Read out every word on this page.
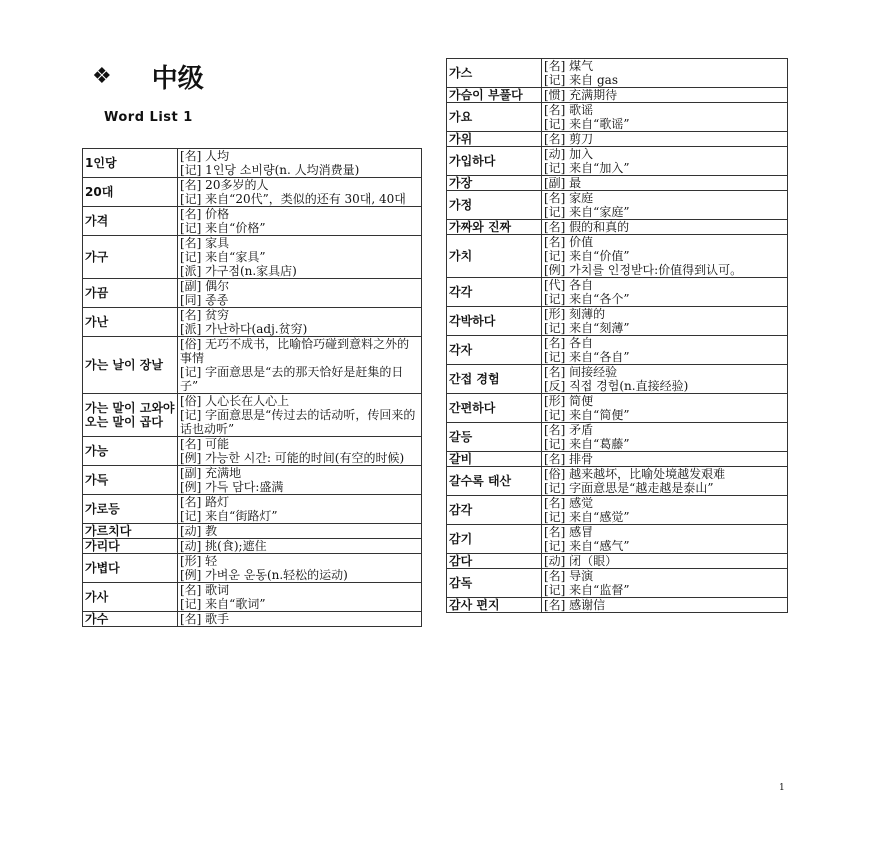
❖ 中级
Word List 1
1인당	[名] 人均
[记] 1인당 소비량(n. 人均消费量)

20대	[名] 20多岁的人
[记] 来自“20代”，类似的还有 30대, 40대

가격	[名] 价格
[记] 来自“价格”

가구	[名] 家具
[记] 来自“家具”
[派] 가구점(n.家具店)

가끔	[副] 偶尔
[同] 종종

가난	[名] 贫穷
[派] 가난하다(adj.贫穷)

가는 날이 장날	[俗] 无巧不成书，比喻恰巧碰到意料之外的事情
[记] 字面意思是“去的那天恰好是赶集的日子”

가는 말이 고와야 오는 말이 곱다	[俗] 人心长在人心上
[记] 字面意思是“传过去的话动听，传回来的话也动听”

가능	[名] 可能
[例] 가능한 시간: 可能的时间(有空的时候)

가득	[副] 充满地
[例] 가득 담다:盛满

가로등	[名] 路灯
[记] 来自“街路灯”

가르치다	[动] 教

가리다	[动] 挑(食);遮住

가볍다	[形] 轻
[例] 가벼운 운동(n.轻松的运动)

가사	[名] 歌词
[记] 来自“歌词”

가수	[名] 歌手
가스	[名] 煤气
[记] 来自 gas

가슴이 부풀다	[惯] 充满期待

가요	[名] 歌谣
[记] 来自“歌谣”

가위	[名] 剪刀

가입하다	[动] 加入
[记] 来自“加入”

가장	[副] 最

가정	[名] 家庭
[记] 来自“家庭”

가짜와 진짜	[名] 假的和真的

가치	[名] 价值
[记] 来自“价值”
[例] 가치를 인정받다:价值得到认可。

각각	[代] 各自
[记] 来自“各个”

각박하다	[形] 刻薄的
[记] 来自“刻薄”

각자	[名] 各自
[记] 来自“各自”

간접 경험	[名] 间接经验
[反] 직접 경험(n.直接经验)

간편하다	[形] 简便
[记] 来自“简便”

갈등	[名] 矛盾
[记] 来自“葛藤”

갈비	[名] 排骨

갈수록 태산	[俗] 越来越坏，比喻处境越发艰难
[记] 字面意思是“越走越是泰山”

감각	[名] 感觉
[记] 来自“感觉”

감기	[名] 感冒
[记] 来自“感气”

감다	[动] 闭（眼）

감독	[名] 导演
[记] 来自“监督”

감사 편지	[名] 感谢信
1
